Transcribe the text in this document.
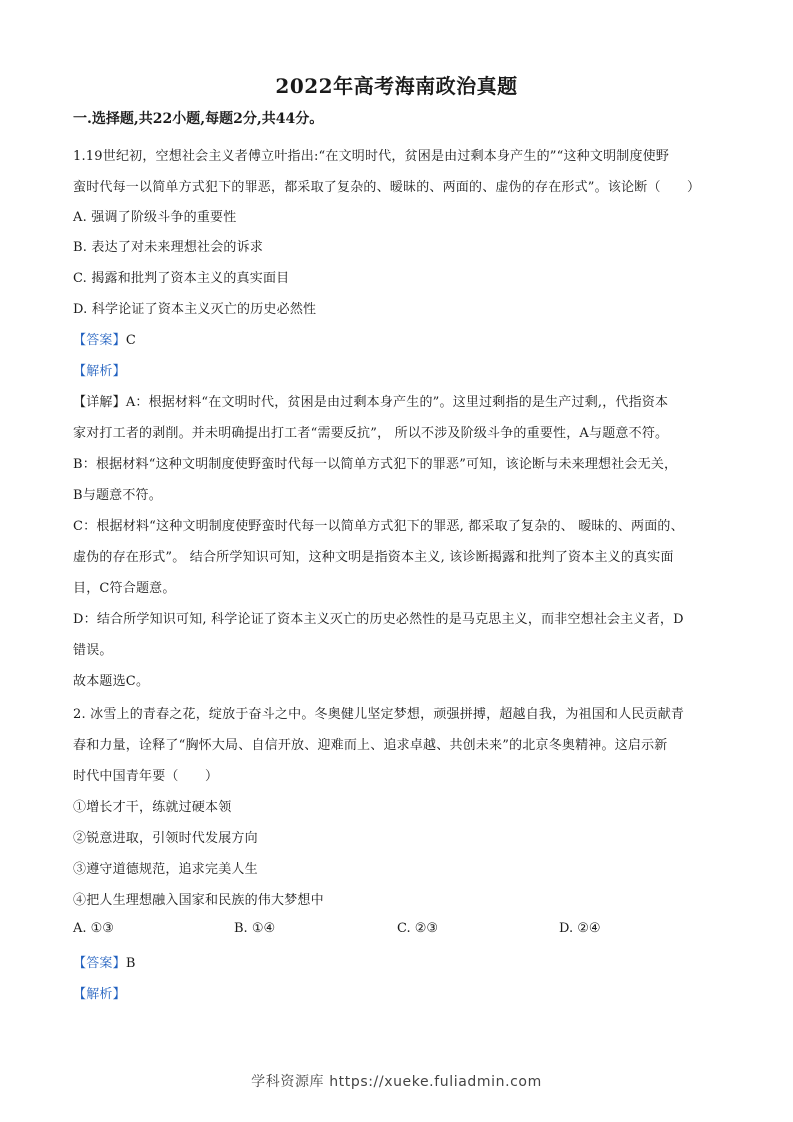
2022年高考海南政治真题
一.选择题,共22小题,每题2分,共44分。
1.19世纪初，空想社会主义者傅立叶指出:“在文明时代，贫困是由过剩本身产生的”“这种文明制度使野
蛮时代每一以简单方式犯下的罪恶，都采取了复杂的、暧昧的、两面的、虚伪的存在形式”。该论断（　　）
A. 强调了阶级斗争的重要性
B. 表达了对未来理想社会的诉求
C. 揭露和批判了资本主义的真实面目
D. 科学论证了资本主义灭亡的历史必然性
【答案】C
【解析】
【详解】A：根据材料“在文明时代，贫困是由过剩本身产生的”。这里过剩指的是生产过剩,，代指资本
家对打工者的剥削。并未明确提出打工者“需要反抗”， 所以不涉及阶级斗争的重要性，A与题意不符。
B：根据材料“这种文明制度使野蛮时代每一以简单方式犯下的罪恶”可知，该论断与未来理想社会无关，
B与题意不符。
C：根据材料“这种文明制度使野蛮时代每一以简单方式犯下的罪恶, 都采取了复杂的、 暧昧的、两面的、
虚伪的存在形式”。 结合所学知识可知，这种文明是指资本主义, 该诊断揭露和批判了资本主义的真实面
目，C符合题意。
D：结合所学知识可知, 科学论证了资本主义灭亡的历史必然性的是马克思主义，而非空想社会主义者，D
错误。
故本题选C。
2. 冰雪上的青春之花，绽放于奋斗之中。冬奥健儿坚定梦想，顽强拼搏，超越自我，为祖国和人民贡献青
春和力量，诠释了“胸怀大局、自信开放、迎难而上、追求卓越、共创未来”的北京冬奥精神。这启示新
时代中国青年要（　　）
①增长才干，练就过硬本领
②锐意进取，引领时代发展方向
③遵守道德规范，追求完美人生
④把人生理想融入国家和民族的伟大梦想中
A. ①③	B. ①④	C. ②③	D. ②④
【答案】B
【解析】
学科资源库 https://xueke.fuliadmin.com
